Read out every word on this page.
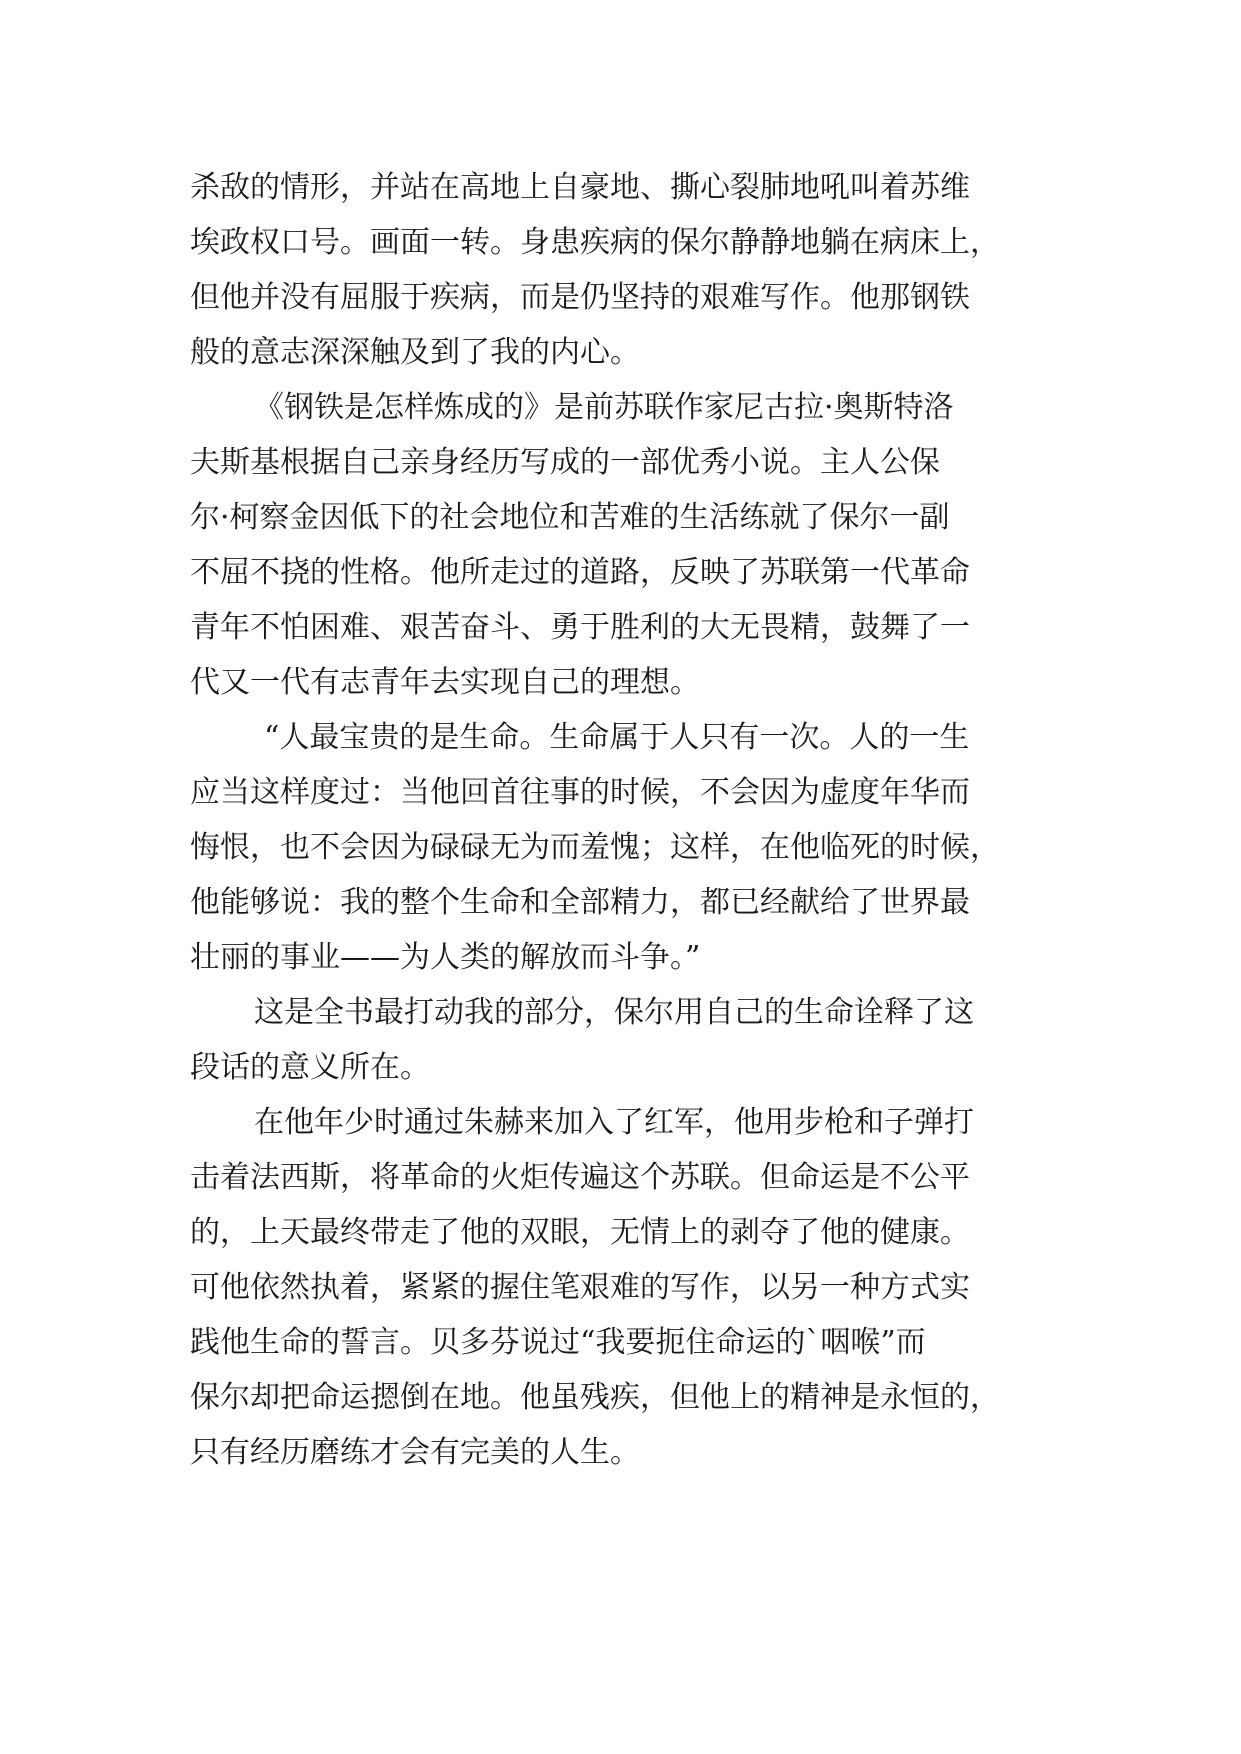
杀敌的情形，并站在高地上自豪地、撕心裂肺地吼叫着苏维
埃政权口号。画面一转。身患疾病的保尔静静地躺在病床上，
但他并没有屈服于疾病，而是仍坚持的艰难写作。他那钢铁
般的意志深深触及到了我的内心。
《钢铁是怎样炼成的》是前苏联作家尼古拉·奥斯特洛
夫斯基根据自己亲身经历写成的一部优秀小说。主人公保
尔·柯察金因低下的社会地位和苦难的生活练就了保尔一副
不屈不挠的性格。他所走过的道路，反映了苏联第一代革命
青年不怕困难、艰苦奋斗、勇于胜利的大无畏精，鼓舞了一
代又一代有志青年去实现自己的理想。
“人最宝贵的是生命。生命属于人只有一次。人的一生
应当这样度过：当他回首往事的时候，不会因为虚度年华而
悔恨，也不会因为碌碌无为而羞愧；这样，在他临死的时候，
他能够说：我的整个生命和全部精力，都已经献给了世界最
壮丽的事业——为人类的解放而斗争。”
这是全书最打动我的部分，保尔用自己的生命诠释了这
段话的意义所在。
在他年少时通过朱赫来加入了红军，他用步枪和子弹打
击着法西斯，将革命的火炬传遍这个苏联。但命运是不公平
的，上天最终带走了他的双眼，无情上的剥夺了他的健康。
可他依然执着，紧紧的握住笔艰难的写作，以另一种方式实
践他生命的誓言。贝多芬说过“我要扼住命运的`咽喉”而
保尔却把命运摁倒在地。他虽残疾，但他上的精神是永恒的，
只有经历磨练才会有完美的人生。
